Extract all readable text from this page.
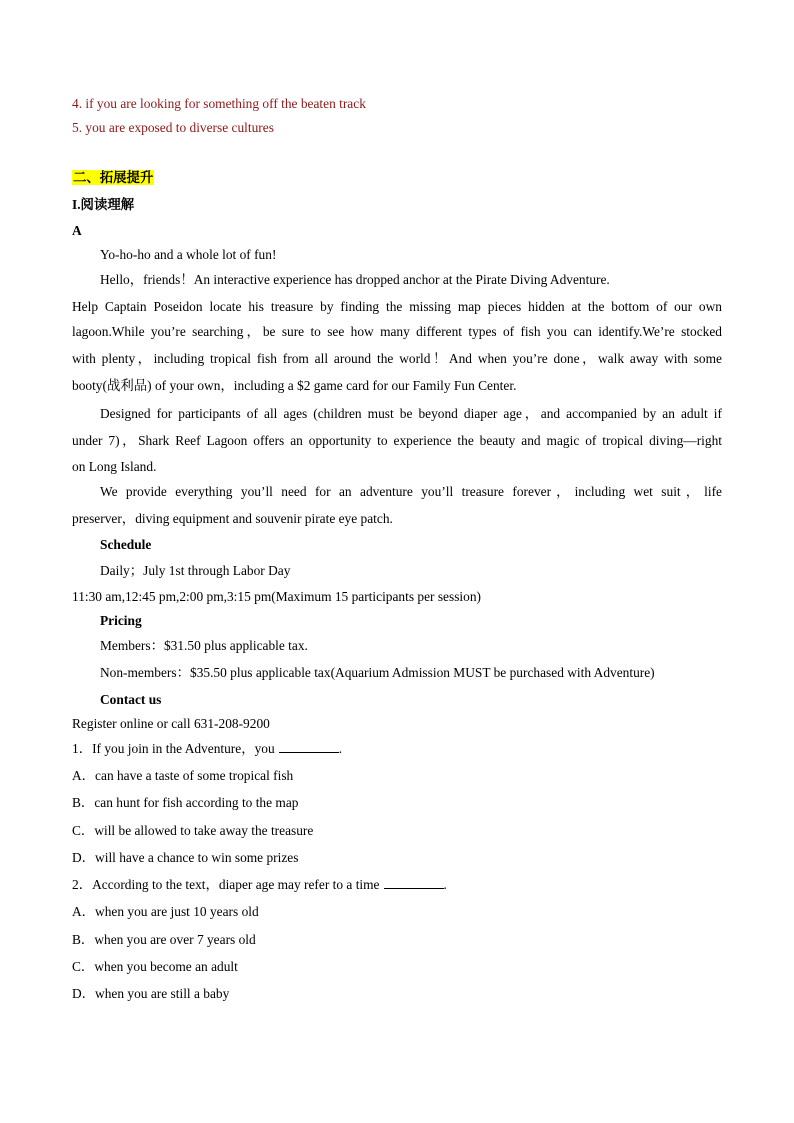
4. if you are looking for something off the beaten track
5. you are exposed to diverse cultures
二、拓展提升
I.阅读理解
A
Yo-ho-ho and a whole lot of fun!
Hello，friends！An interactive experience has dropped anchor at the Pirate Diving Adventure.
Help Captain Poseidon locate his treasure by finding the missing map pieces hidden at the bottom of our own
lagoon.While you’re searching，be sure to see how many different types of fish you can identify.We’re stocked
with plenty，including tropical fish from all around the world！And when you’re done，walk away with some
booty(战利品) of your own，including a $2 game card for our Family Fun Center.
Designed for participants of all ages (children must be beyond diaper age，and accompanied by an adult if
under 7)，Shark Reef Lagoon offers an opportunity to experience the beauty and magic of tropical diving—right
on Long Island.
We provide everything you’ll need for an adventure you’ll treasure forever，including wet suit，life
preserver，diving equipment and souvenir pirate eye patch.
Schedule
Daily；July 1st through Labor Day
11:30 am,12:45 pm,2:00 pm,3:15 pm(Maximum 15 participants per session)
Pricing
Members：$31.50 plus applicable tax.
Non-members：$35.50 plus applicable tax(Aquarium Admission MUST be purchased with Adventure)
Contact us
Register online or call 631-208-9200
1．If you join in the Adventure，you	.
A．can have a taste of some tropical fish
B．can hunt for fish according to the map
C．will be allowed to take away the treasure
D．will have a chance to win some prizes
2．According to the text，diaper age may refer to a time	.
A．when you are just 10 years old
B．when you are over 7 years old
C．when you become an adult
D．when you are still a baby
